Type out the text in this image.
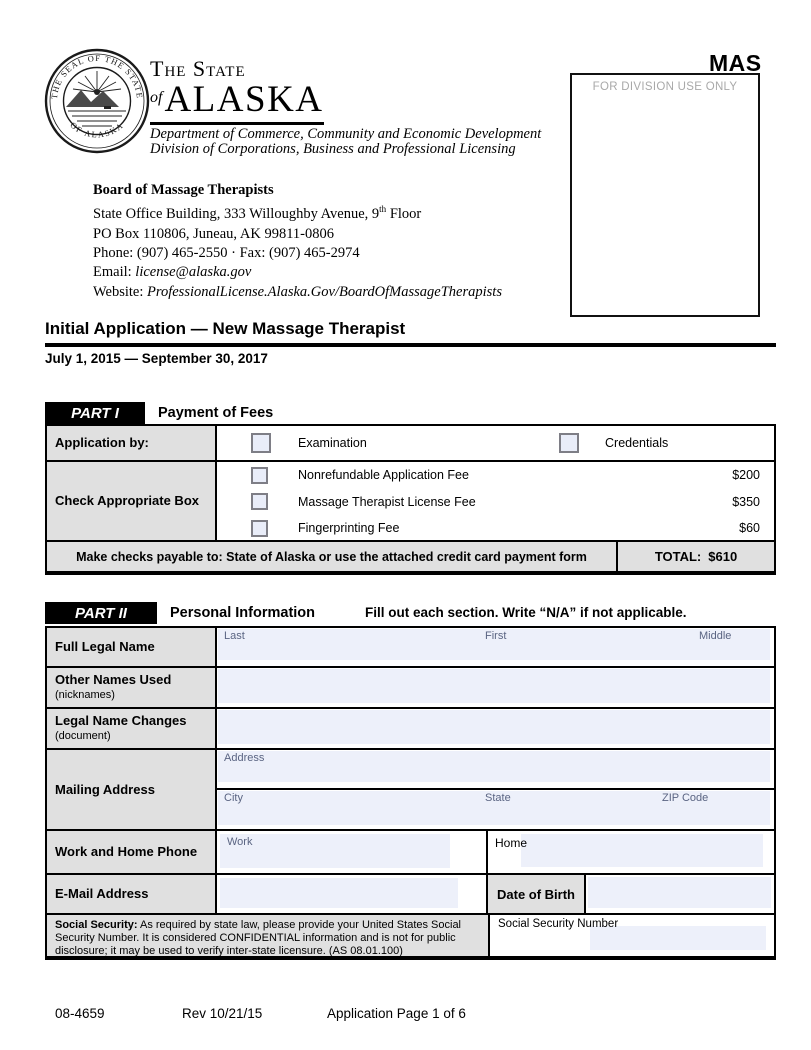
THE SEAL OF THE STATE
OF ALASKA
The State
ofALASKA
Department of Commerce, Community and Economic Development
Division of Corporations, Business and Professional Licensing
MAS
FOR DIVISION USE ONLY
Board of Massage Therapists
State Office Building, 333 Willoughby Avenue, 9th Floor
PO Box 110806, Juneau, AK 99811-0806
Phone: (907) 465-2550 · Fax: (907) 465-2974
Email: license@alaska.gov
Website: ProfessionalLicense.Alaska.Gov/BoardOfMassageTherapists
Initial Application — New Massage Therapist
July 1, 2015 — September 30, 2017
PART I	Payment of Fees
Application by:	Examination	Credentials
Check Appropriate Box
Nonrefundable Application Fee	$200
Massage Therapist License Fee	$350
Fingerprinting Fee	$60
Make checks payable to: State of Alaska or use the attached credit card payment form	TOTAL: $610
PART II	Personal Information	Fill out each section. Write “N/A” if not applicable.
Full Legal Name
Last	First	Middle
Other Names Used
(nicknames)
Legal Name Changes
(document)
Mailing Address
Address
City	State	ZIP Code
Work and Home Phone
Work	Home
E-Mail Address	Date of Birth
Social Security: As required by state law, please provide your United States Social Security Number. It is considered CONFIDENTIAL information and is not for public disclosure; it may be used to verify inter-state licensure. (AS 08.01.100)
Social Security Number
08-4659	Rev 10/21/15	Application Page 1 of 6
